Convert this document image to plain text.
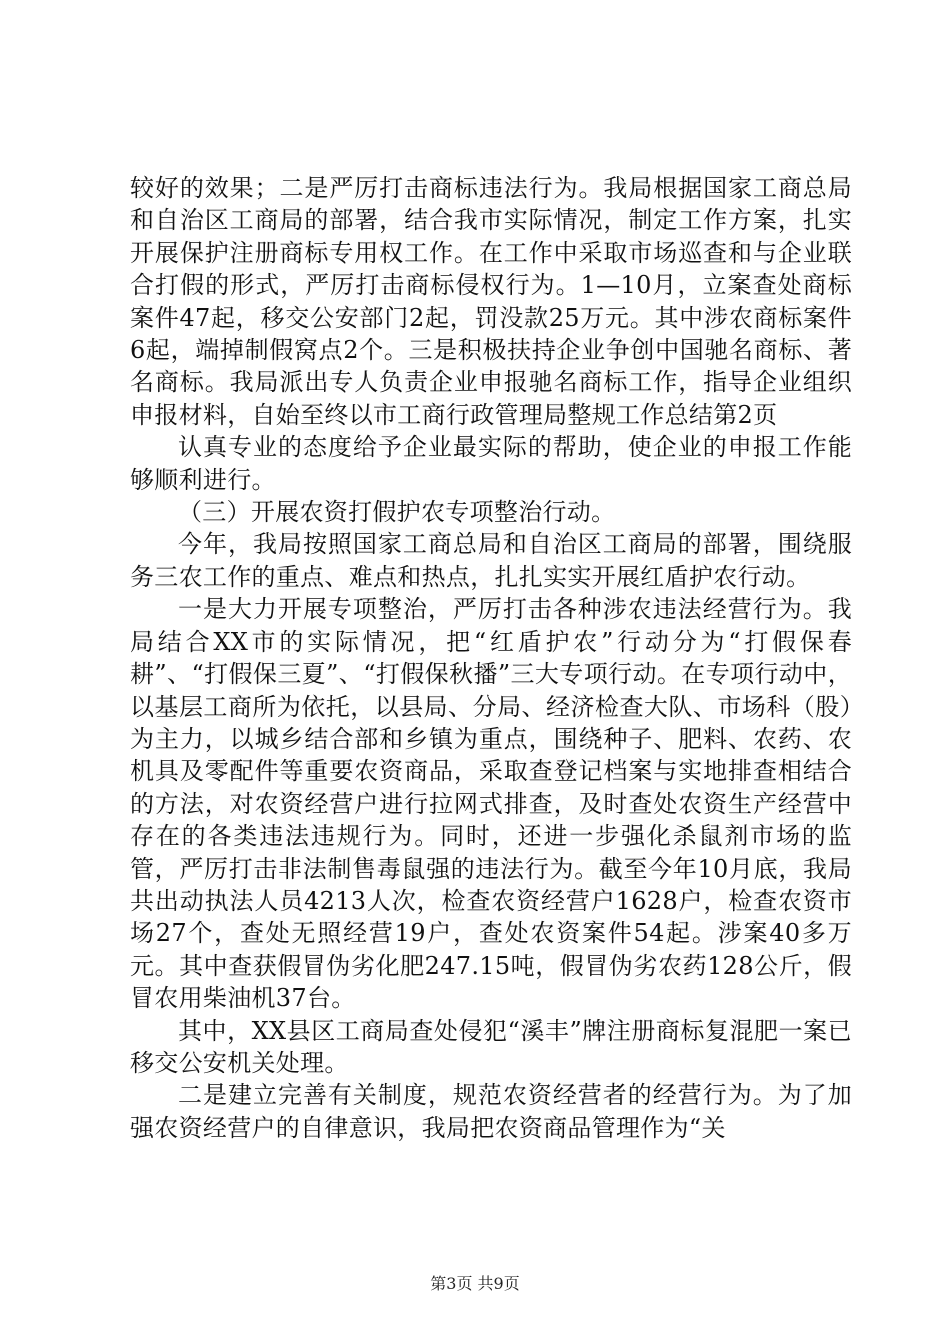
较好的效果；二是严厉打击商标违法行为。我局根据国家工商总局和自治区工商局的部署，结合我市实际情况，制定工作方案，扎实开展保护注册商标专用权工作。在工作中采取市场巡查和与企业联合打假的形式，严厉打击商标侵权行为。1—10月，立案查处商标案件47起，移交公安部门2起，罚没款25万元。其中涉农商标案件6起，端掉制假窝点2个。三是积极扶持企业争创中国驰名商标、著名商标。我局派出专人负责企业申报驰名商标工作，指导企业组织申报材料，自始至终以市工商行政管理局整规工作总结第2页

认真专业的态度给予企业最实际的帮助，使企业的申报工作能够顺利进行。

（三）开展农资打假护农专项整治行动。

今年，我局按照国家工商总局和自治区工商局的部署，围绕服务三农工作的重点、难点和热点，扎扎实实开展红盾护农行动。

一是大力开展专项整治，严厉打击各种涉农违法经营行为。我局结合XX市的实际情况，把“红盾护农”行动分为“打假保春耕”、“打假保三夏”、“打假保秋播”三大专项行动。在专项行动中，以基层工商所为依托，以县局、分局、经济检查大队、市场科（股）为主力，以城乡结合部和乡镇为重点，围绕种子、肥料、农药、农机具及零配件等重要农资商品，采取查登记档案与实地排查相结合的方法，对农资经营户进行拉网式排查，及时查处农资生产经营中存在的各类违法违规行为。同时，还进一步强化杀鼠剂市场的监管，严厉打击非法制售毒鼠强的违法行为。截至今年10月底，我局共出动执法人员4213人次，检查农资经营户1628户，检查农资市场27个，查处无照经营19户，查处农资案件54起。涉案40多万元。其中查获假冒伪劣化肥247.15吨，假冒伪劣农药128公斤，假冒农用柴油机37台。

其中，XX县区工商局查处侵犯“溪丰”牌注册商标复混肥一案已移交公安机关处理。

二是建立完善有关制度，规范农资经营者的经营行为。为了加强农资经营户的自律意识，我局把农资商品管理作为“关

第3页 共9页
